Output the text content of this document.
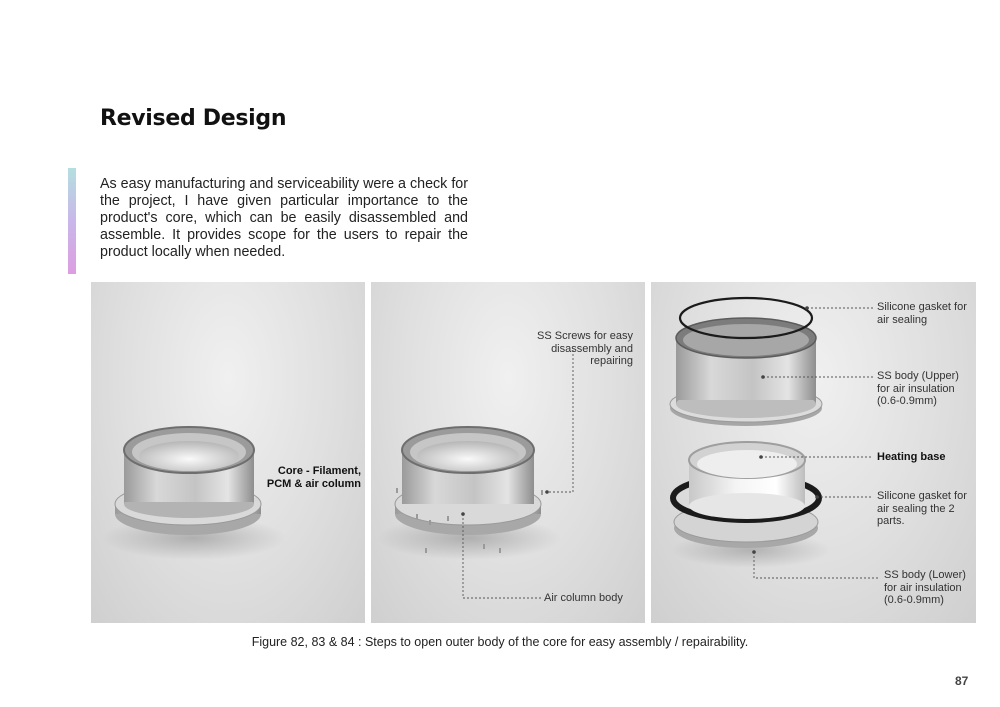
Revised Design
As easy manufacturing and serviceability were a check for the project, I have given particular importance to the product's core, which can be easily disassembled and assemble. It provides scope for the users to repair the product locally when needed.
Core - Filament,
PCM & air column
SS Screws for easy
disassembly and
repairing
Air column body
Silicone gasket for
air sealing
SS body (Upper)
for air insulation
(0.6-0.9mm)
Heating base
Silicone gasket for
air sealing the 2
parts.
SS body (Lower)
for air insulation
(0.6-0.9mm)
Figure 82, 83 & 84 : Steps to open outer body of the core for easy assembly / repairability.
87
